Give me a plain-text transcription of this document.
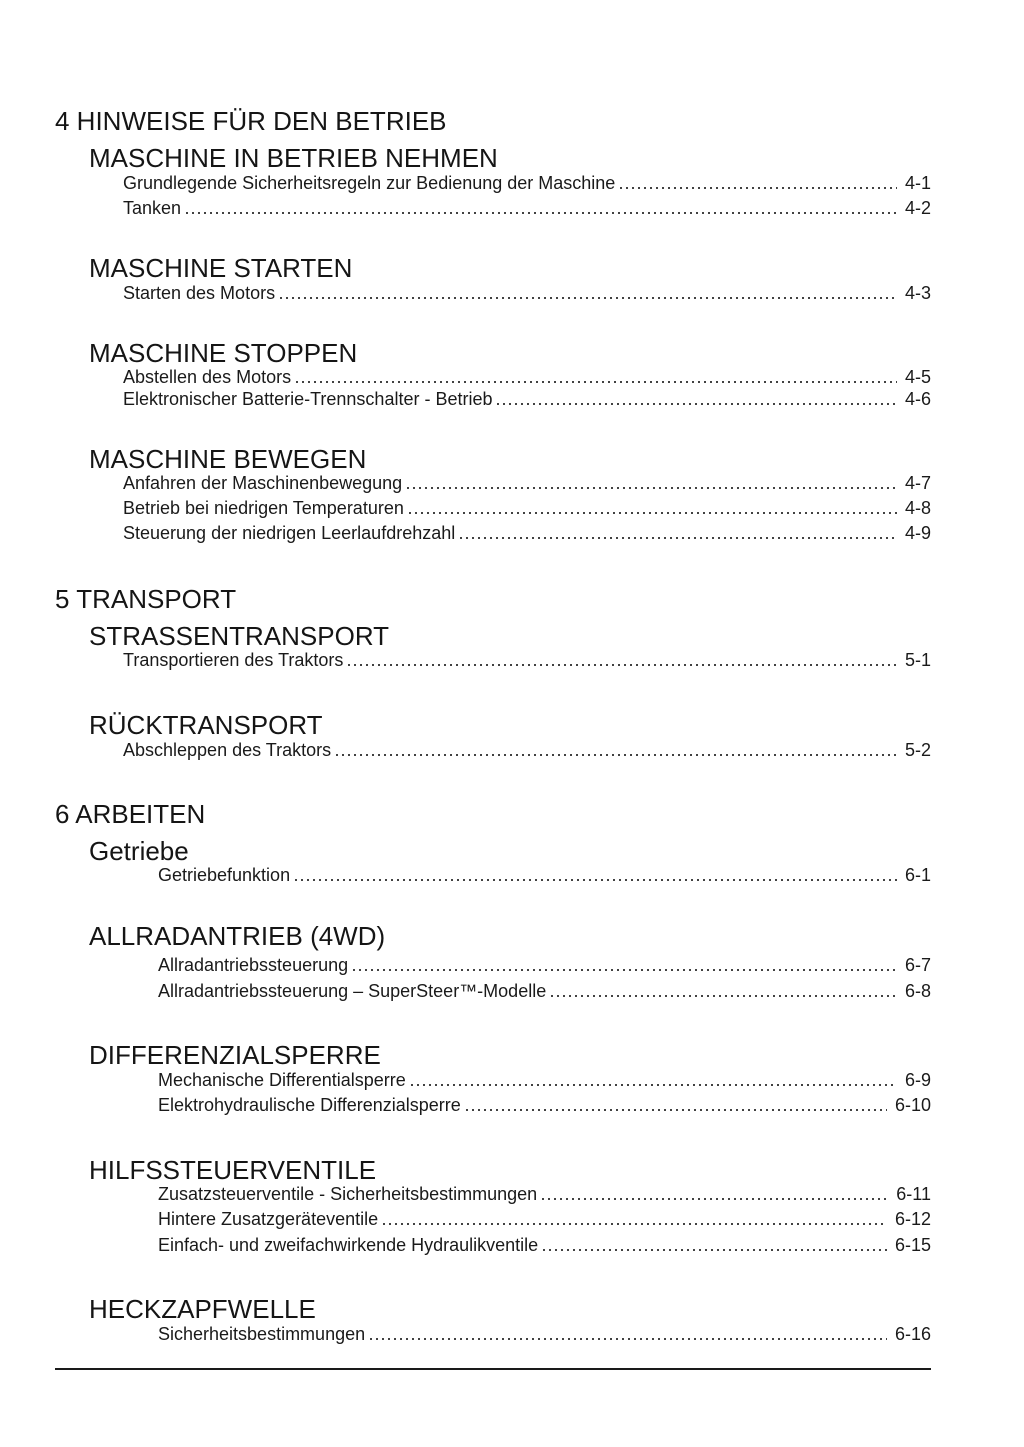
4 HINWEISE FÜR DEN BETRIEB
MASCHINE IN BETRIEB NEHMEN
Grundlegende Sicherheitsregeln zur Bedienung der Maschine	4-1
Tanken	4-2
MASCHINE STARTEN
Starten des Motors	4-3
MASCHINE STOPPEN
Abstellen des Motors	4-5
Elektronischer Batterie-Trennschalter - Betrieb	4-6
MASCHINE BEWEGEN
Anfahren der Maschinenbewegung	4-7
Betrieb bei niedrigen Temperaturen	4-8
Steuerung der niedrigen Leerlaufdrehzahl	4-9
5 TRANSPORT
STRASSENTRANSPORT
Transportieren des Traktors	5-1
RÜCKTRANSPORT
Abschleppen des Traktors	5-2
6 ARBEITEN
Getriebe
Getriebefunktion	6-1
ALLRADANTRIEB (4WD)
Allradantriebssteuerung	6-7
Allradantriebssteuerung – SuperSteer™-Modelle	6-8
DIFFERENZIALSPERRE
Mechanische Differentialsperre	6-9
Elektrohydraulische Differenzialsperre	6-10
HILFSSTEUERVENTILE
Zusatzsteuerventile - Sicherheitsbestimmungen	6-11
Hintere Zusatzgeräteventile	6-12
Einfach- und zweifachwirkende Hydraulikventile	6-15
HECKZAPFWELLE
Sicherheitsbestimmungen	6-16
